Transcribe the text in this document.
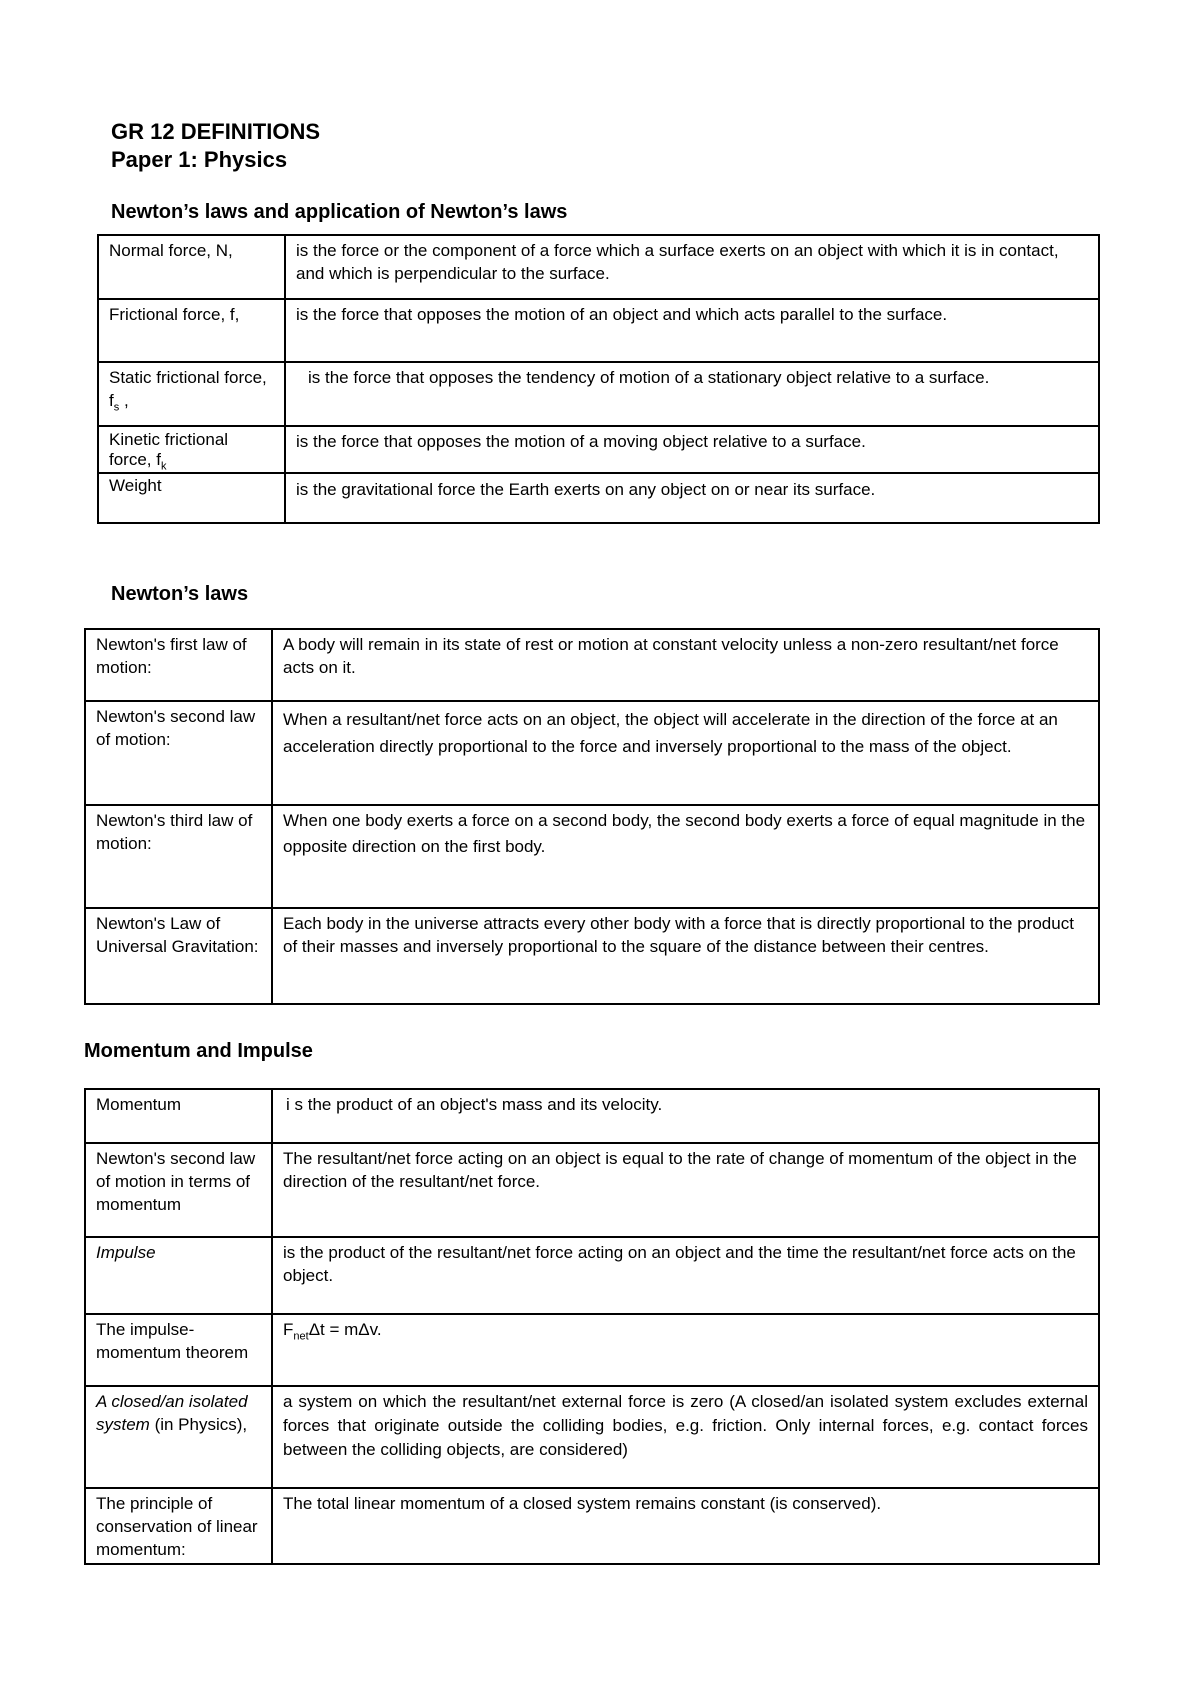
GR 12 DEFINITIONS
Paper 1: Physics
Newton’s laws and application of Newton’s laws
Normal force, N,	is the force or the component of a force which a surface exerts on an object with which it is in contact, and which is perpendicular to the surface.
Frictional force, f,	is the force that opposes the motion of an object and which acts parallel to the surface.
Static frictional force, $f_s$ ,	is the force that opposes the tendency of motion of a stationary object relative to a surface.
Kinetic frictional force, $f_k$	is the force that opposes the motion of a moving object relative to a surface.
Weight	is the gravitational force the Earth exerts on any object on or near its surface.
Newton’s laws
Newton's first law of motion:	A body will remain in its state of rest or motion at constant velocity unless a non-zero resultant/net force acts on it.
Newton's second law of motion:	When a resultant/net force acts on an object, the object will accelerate in the direction of the force at an acceleration directly proportional to the force and inversely proportional to the mass of the object.
Newton's third law of motion:	When one body exerts a force on a second body, the second body exerts a force of equal magnitude in the opposite direction on the first body.
Newton's Law of Universal Gravitation:	Each body in the universe attracts every other body with a force that is directly proportional to the product of their masses and inversely proportional to the square of the distance between their centres.
Momentum and Impulse
Momentum	i s the product of an object's mass and its velocity.
Newton's second law of motion in terms of momentum	The resultant/net force acting on an object is equal to the rate of change of momentum of the object in the direction of the resultant/net force.
Impulse	is the product of the resultant/net force acting on an object and the time the resultant/net force acts on the object.
The impulse-momentum theorem	$F_{net}\Delta t = m\Delta v$.
A closed/an isolated system (in Physics),	a system on which the resultant/net external force is zero (A closed/an isolated system excludes external forces that originate outside the colliding bodies, e.g. friction. Only internal forces, e.g. contact forces between the colliding objects, are considered)
The principle of conservation of linear momentum:	The total linear momentum of a closed system remains constant (is conserved).
